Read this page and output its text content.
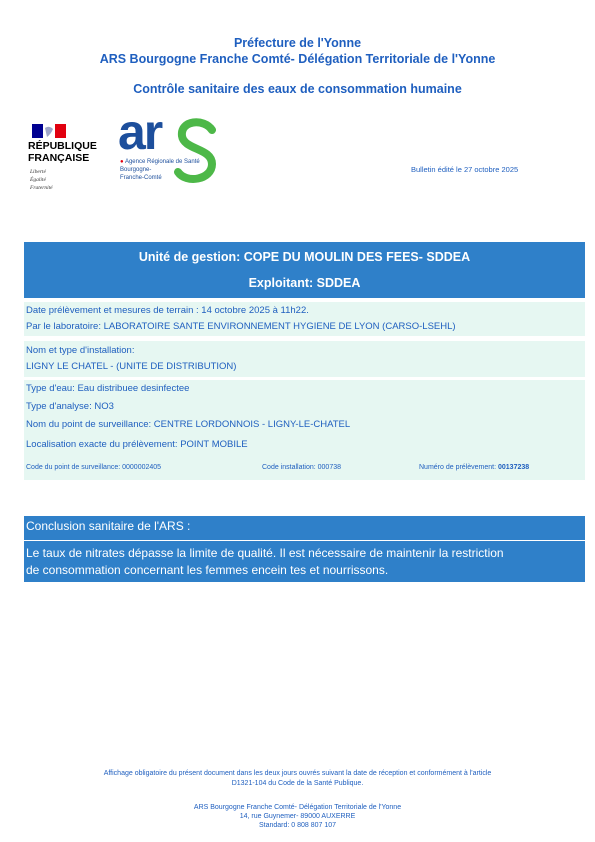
Préfecture de l'Yonne
ARS Bourgogne Franche Comté- Délégation Territoriale de l'Yonne
Contrôle sanitaire des eaux de consommation humaine
RÉPUBLIQUE
FRANÇAISE
Liberté
Égalité
Fraternité
ar
● Agence Régionale de Santé
Bourgogne-
Franche-Comté
Bulletin édité le 27 octobre 2025
Unité de gestion: COPE DU MOULIN DES FEES- SDDEA
Exploitant: SDDEA
Date prélèvement et mesures de terrain : 14 octobre 2025 à 11h22.
Par le laboratoire: LABORATOIRE SANTE ENVIRONNEMENT HYGIENE DE LYON (CARSO-LSEHL)
Nom et type d'installation:
LIGNY LE CHATEL - (UNITE DE DISTRIBUTION)
Type d'eau: Eau distribuee desinfectee
Type d'analyse: NO3
Nom du point de surveillance: CENTRE LORDONNOIS - LIGNY-LE-CHATEL
Localisation exacte du prélèvement: POINT MOBILE
Code du point de surveillance: 0000002405	Code installation: 000738	Numéro de prélèvement: 00137238
Conclusion sanitaire de l'ARS :
Le taux de nitrates dépasse la limite de qualité. Il est nécessaire de maintenir la restriction
de consommation concernant les femmes encein tes et nourrissons.
Affichage obligatoire du présent document dans les deux jours ouvrés suivant la date de réception et conformément à l'article
D1321-104 du Code de la Santé Publique.
ARS Bourgogne Franche Comté- Délégation Territoriale de l'Yonne
14, rue Guynemer- 89000 AUXERRE
Standard: 0 808 807 107
